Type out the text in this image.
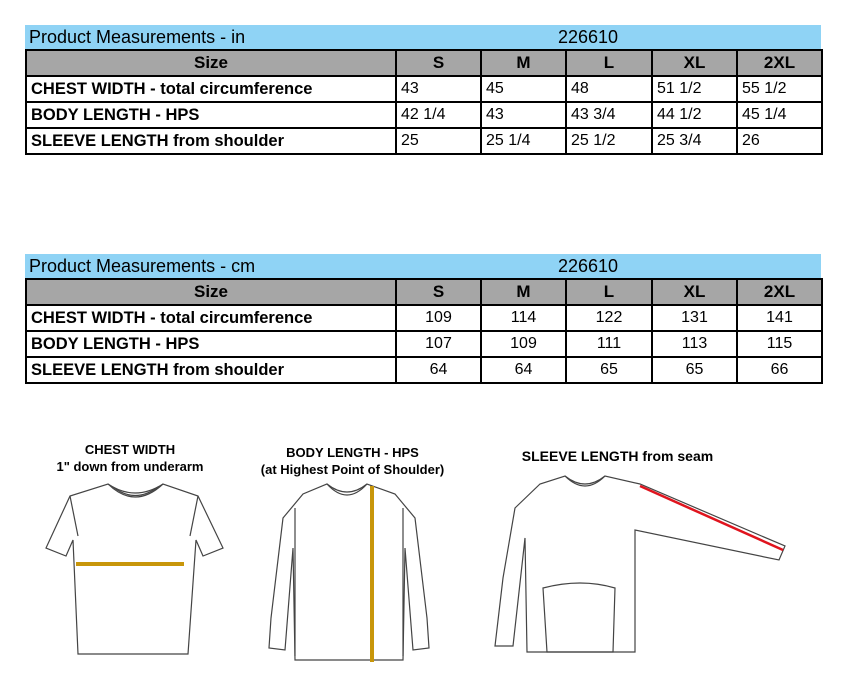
Product Measurements - in	226610
Size	S	M	L	XL	2XL
CHEST WIDTH - total circumference	43	45	48	51 1/2	55 1/2
BODY LENGTH - HPS	42 1/4	43	43 3/4	44 1/2	45 1/4
SLEEVE LENGTH from shoulder	25	25 1/4	25 1/2	25 3/4	26
Product Measurements - cm	226610
Size	S	M	L	XL	2XL
CHEST WIDTH - total circumference	109	114	122	131	141
BODY LENGTH - HPS	107	109	111	113	115
SLEEVE LENGTH from shoulder	64	64	65	65	66
CHEST WIDTH
1" down from underarm
BODY LENGTH - HPS
(at Highest Point of Shoulder)
SLEEVE LENGTH from seam
